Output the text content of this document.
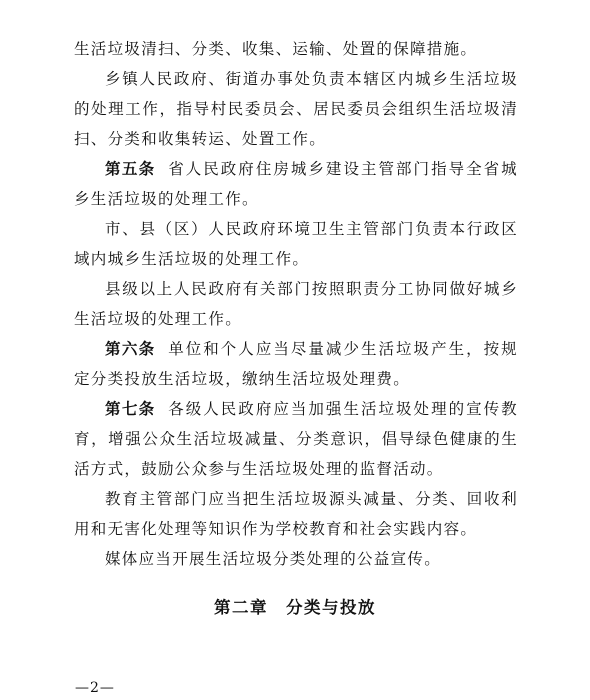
生活垃圾清扫、分类、收集、运输、处置的保障措施。

乡镇人民政府、街道办事处负责本辖区内城乡生活垃圾的处理工作，指导村民委员会、居民委员会组织生活垃圾清扫、分类和收集转运、处置工作。

第五条 省人民政府住房城乡建设主管部门指导全省城乡生活垃圾的处理工作。

市、县（区）人民政府环境卫生主管部门负责本行政区域内城乡生活垃圾的处理工作。

县级以上人民政府有关部门按照职责分工协同做好城乡生活垃圾的处理工作。

第六条 单位和个人应当尽量减少生活垃圾产生，按规定分类投放生活垃圾，缴纳生活垃圾处理费。

第七条 各级人民政府应当加强生活垃圾处理的宣传教育，增强公众生活垃圾减量、分类意识，倡导绿色健康的生活方式，鼓励公众参与生活垃圾处理的监督活动。

教育主管部门应当把生活垃圾源头减量、分类、回收利用和无害化处理等知识作为学校教育和社会实践内容。

媒体应当开展生活垃圾分类处理的公益宣传。

第二章 分类与投放
—2—
